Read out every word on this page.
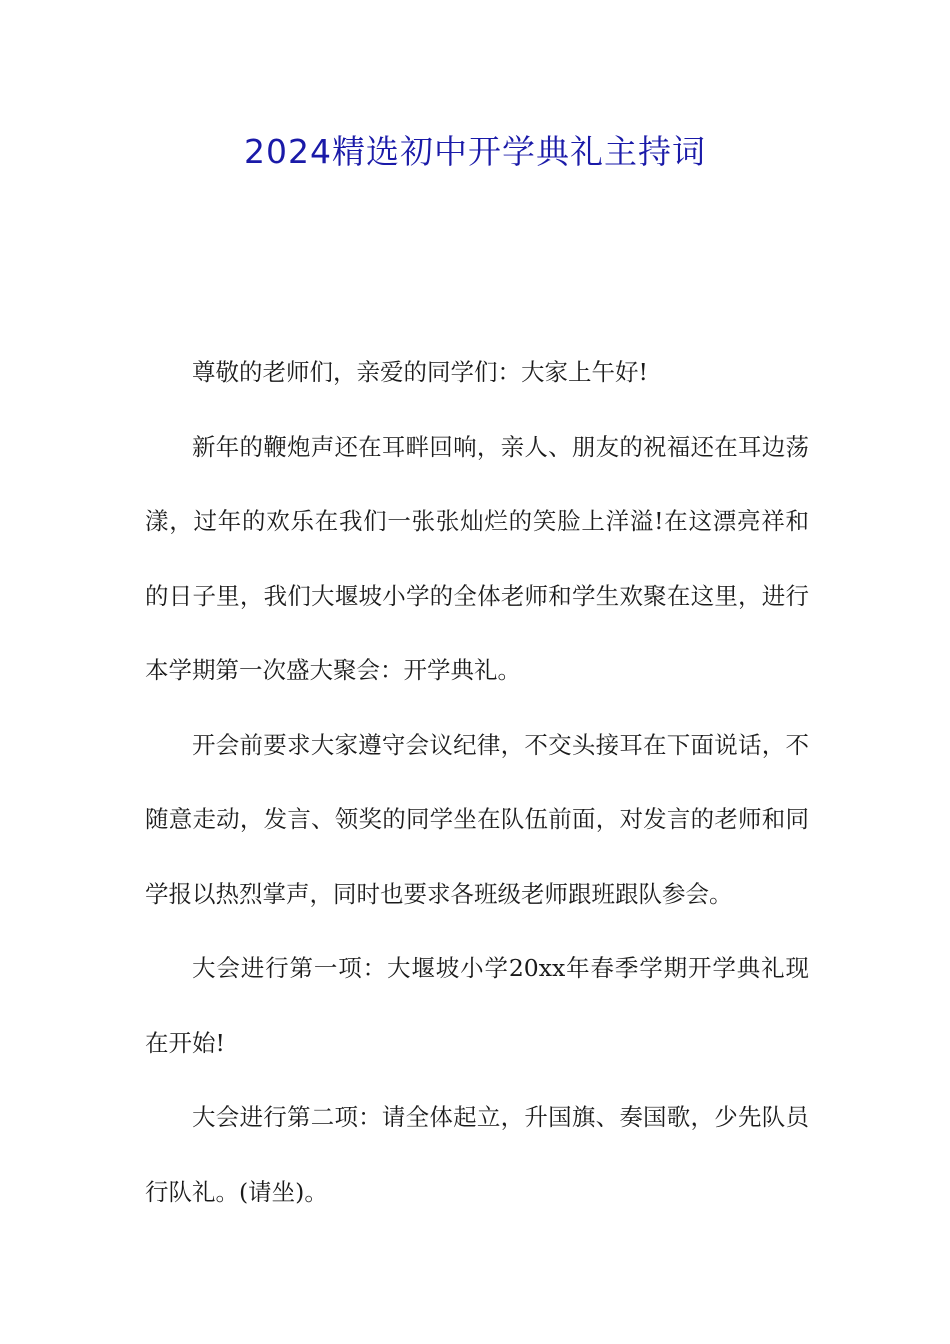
2024精选初中开学典礼主持词

尊敬的老师们，亲爱的同学们：大家上午好!

新年的鞭炮声还在耳畔回响，亲人、朋友的祝福还在耳边荡漾，过年的欢乐在我们一张张灿烂的笑脸上洋溢!在这漂亮祥和的日子里，我们大堰坡小学的全体老师和学生欢聚在这里，进行本学期第一次盛大聚会：开学典礼。

开会前要求大家遵守会议纪律，不交头接耳在下面说话，不随意走动，发言、领奖的同学坐在队伍前面，对发言的老师和同学报以热烈掌声，同时也要求各班级老师跟班跟队参会。

大会进行第一项：大堰坡小学20xx年春季学期开学典礼现在开始!

大会进行第二项：请全体起立，升国旗、奏国歌，少先队员行队礼。(请坐)。
